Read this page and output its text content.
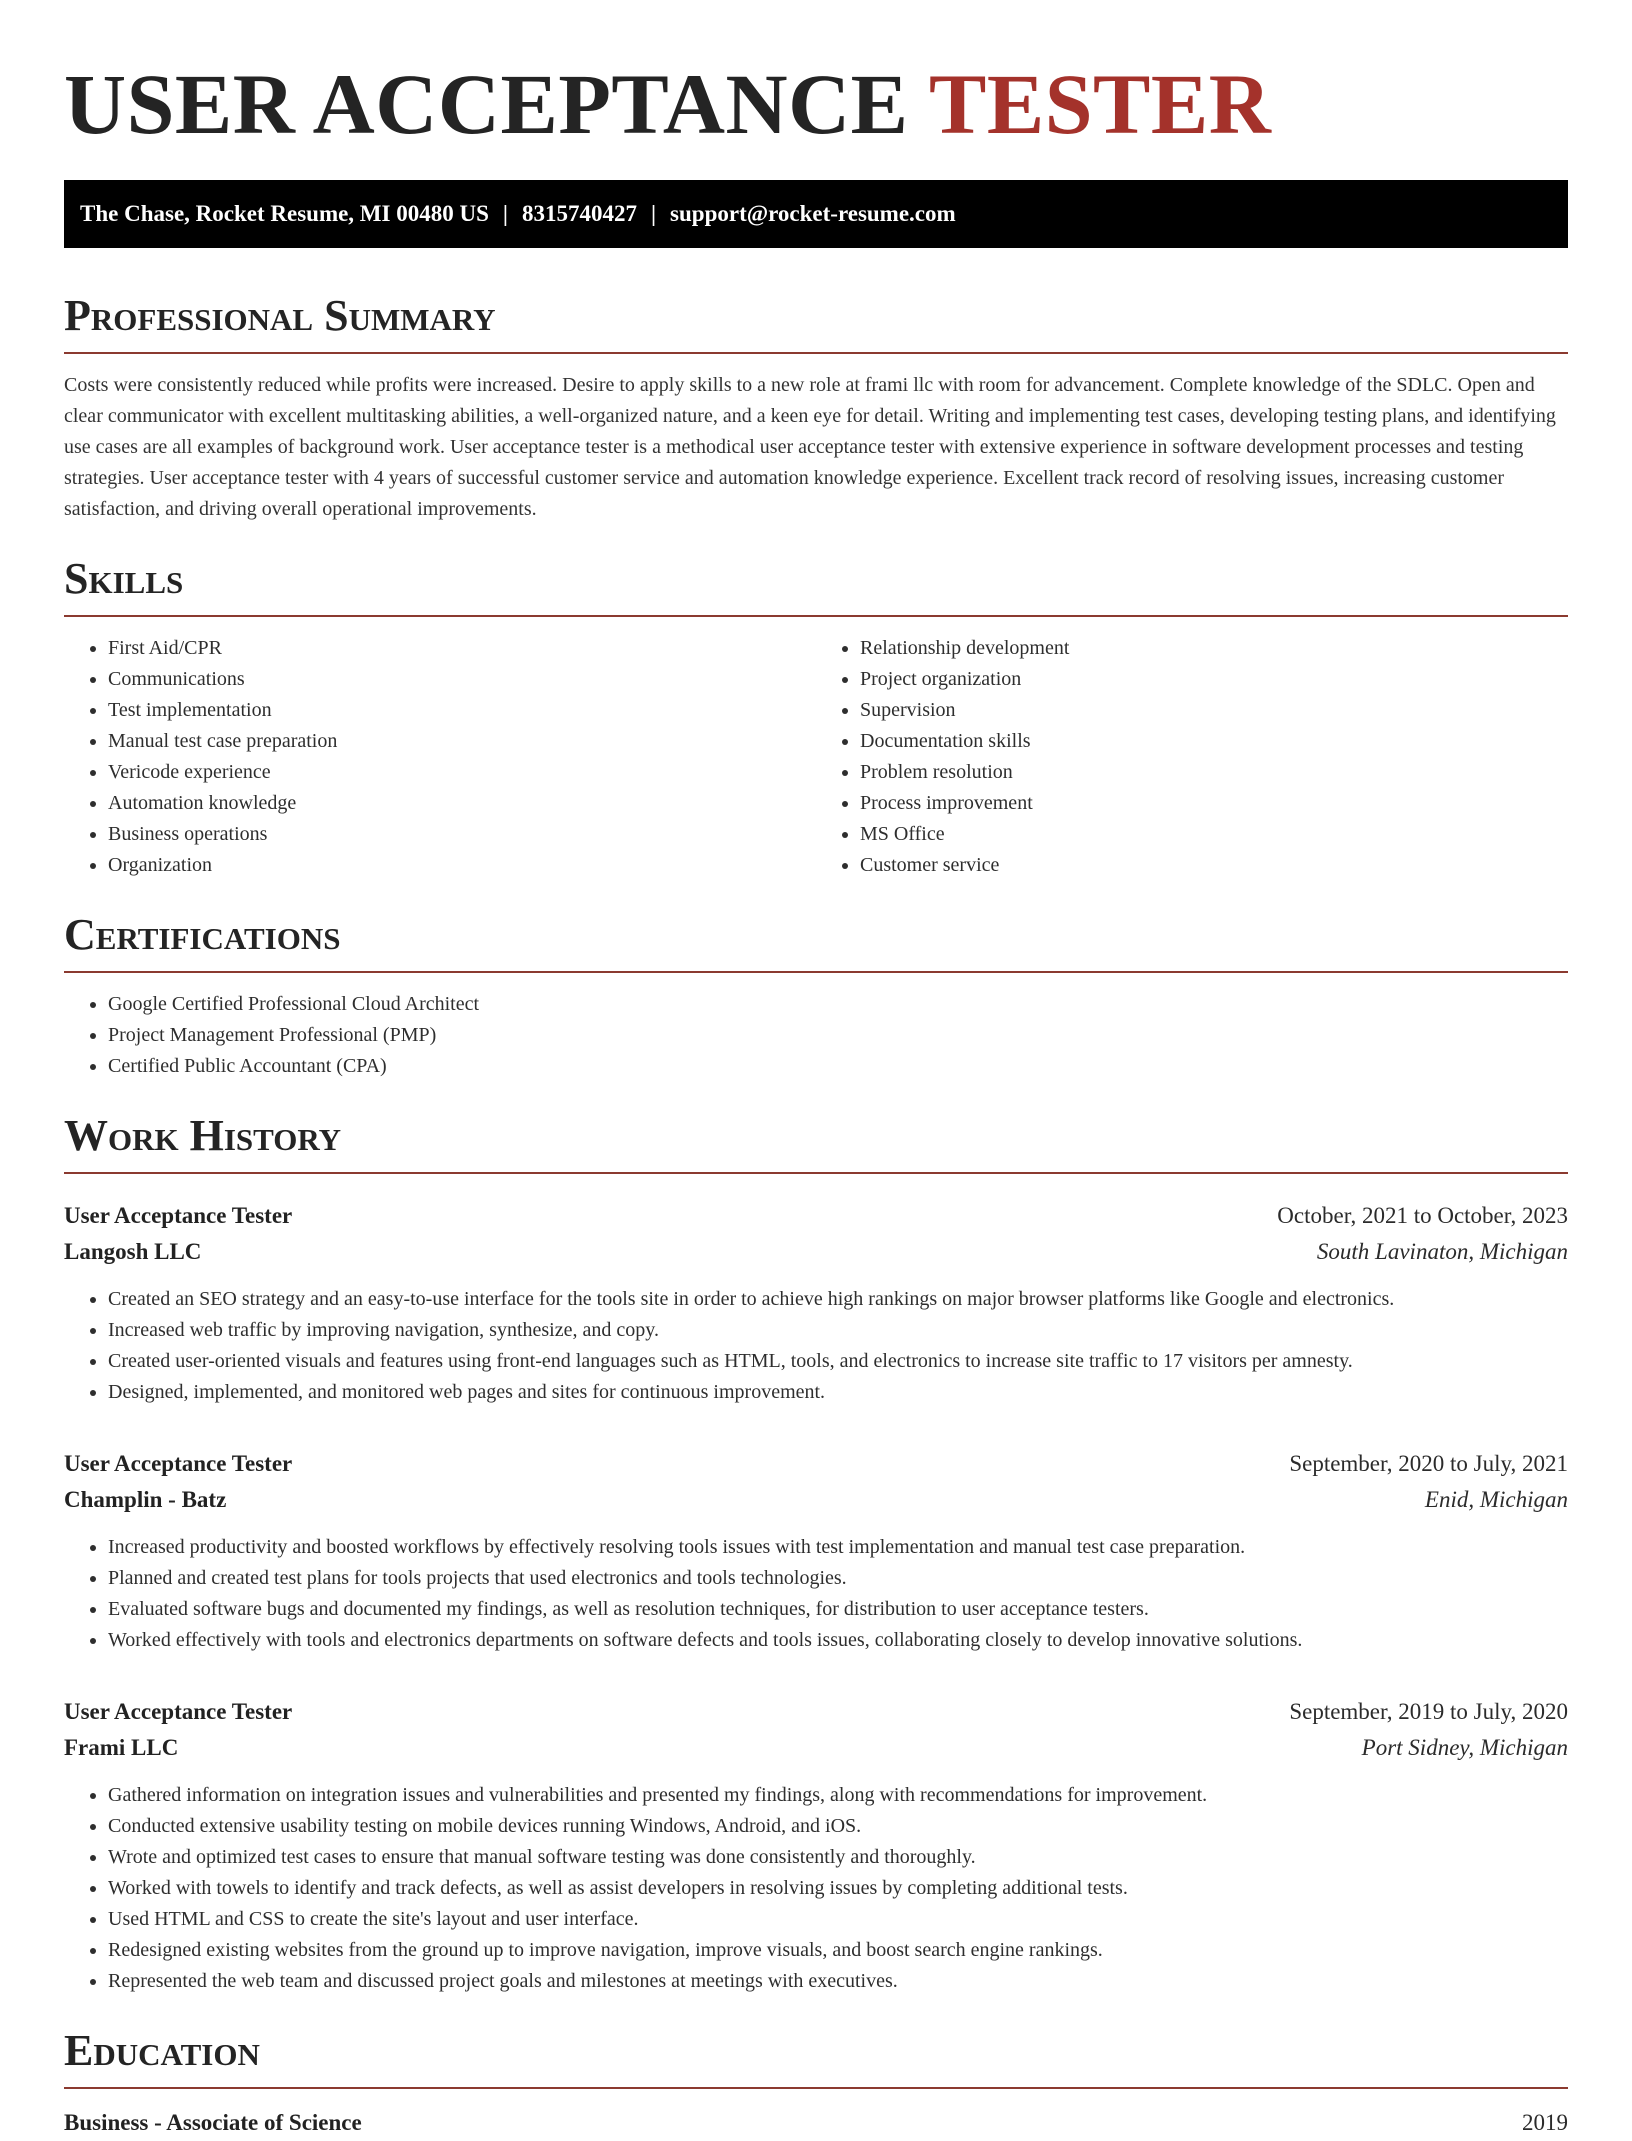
USER ACCEPTANCE TESTER
The Chase, Rocket Resume, MI 00480 US | 8315740427 | support@rocket-resume.com
Professional Summary

Costs were consistently reduced while profits were increased. Desire to apply skills to a new role at frami llc with room for advancement. Complete knowledge of the SDLC. Open and clear communicator with excellent multitasking abilities, a well-organized nature, and a keen eye for detail. Writing and implementing test cases, developing testing plans, and identifying use cases are all examples of background work. User acceptance tester is a methodical user acceptance tester with extensive experience in software development processes and testing strategies. User acceptance tester with 4 years of successful customer service and automation knowledge experience. Excellent track record of resolving issues, increasing customer satisfaction, and driving overall operational improvements.

Skills
• First Aid/CPR
• Communications
• Test implementation
• Manual test case preparation
• Vericode experience
• Automation knowledge
• Business operations
• Organization
• Relationship development
• Project organization
• Supervision
• Documentation skills
• Problem resolution
• Process improvement
• MS Office
• Customer service
Certifications
• Google Certified Professional Cloud Architect
• Project Management Professional (PMP)
• Certified Public Accountant (CPA)
Work History
User Acceptance Tester	October, 2021 to October, 2023
Langosh LLC	South Lavinaton, Michigan
• Created an SEO strategy and an easy-to-use interface for the tools site in order to achieve high rankings on major browser platforms like Google and electronics.
• Increased web traffic by improving navigation, synthesize, and copy.
• Created user-oriented visuals and features using front-end languages such as HTML, tools, and electronics to increase site traffic to 17 visitors per amnesty.
• Designed, implemented, and monitored web pages and sites for continuous improvement.
User Acceptance Tester	September, 2020 to July, 2021
Champlin - Batz	Enid, Michigan
• Increased productivity and boosted workflows by effectively resolving tools issues with test implementation and manual test case preparation.
• Planned and created test plans for tools projects that used electronics and tools technologies.
• Evaluated software bugs and documented my findings, as well as resolution techniques, for distribution to user acceptance testers.
• Worked effectively with tools and electronics departments on software defects and tools issues, collaborating closely to develop innovative solutions.
User Acceptance Tester	September, 2019 to July, 2020
Frami LLC	Port Sidney, Michigan
• Gathered information on integration issues and vulnerabilities and presented my findings, along with recommendations for improvement.
• Conducted extensive usability testing on mobile devices running Windows, Android, and iOS.
• Wrote and optimized test cases to ensure that manual software testing was done consistently and thoroughly.
• Worked with towels to identify and track defects, as well as assist developers in resolving issues by completing additional tests.
• Used HTML and CSS to create the site's layout and user interface.
• Redesigned existing websites from the ground up to improve navigation, improve visuals, and boost search engine rankings.
• Represented the web team and discussed project goals and milestones at meetings with executives.
Education
Business - Associate of Science	2019
